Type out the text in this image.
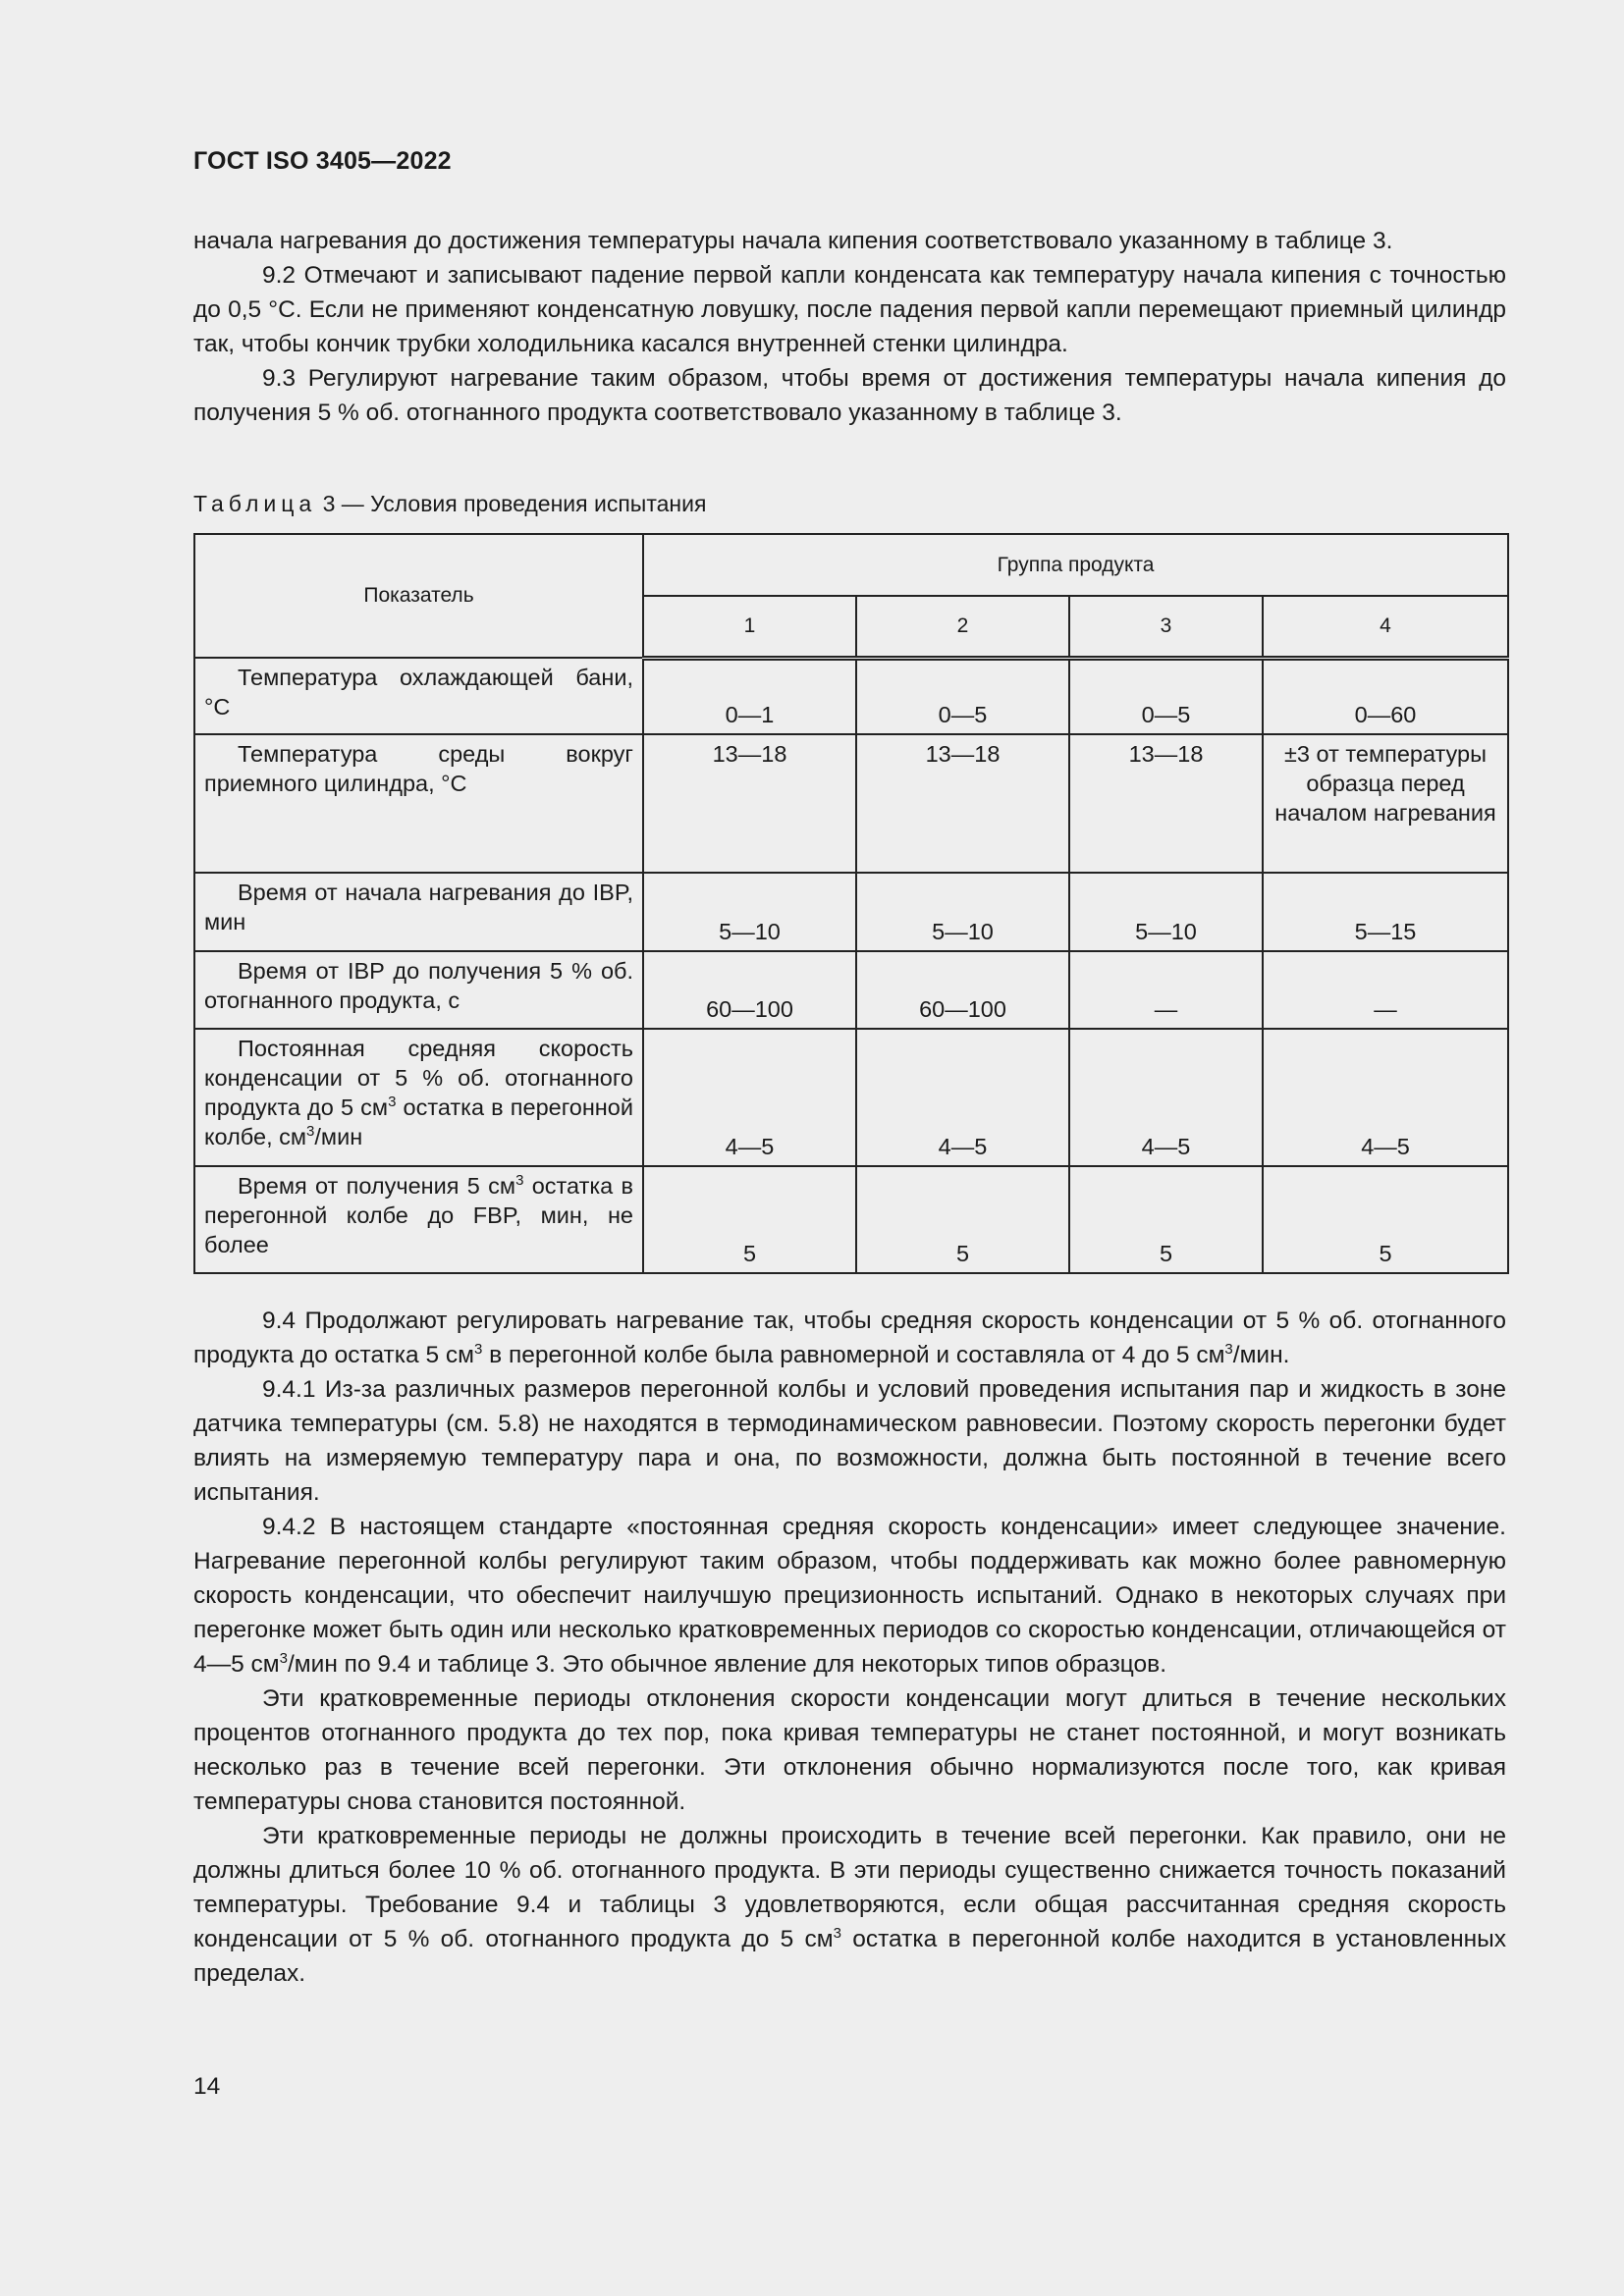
ГОСТ ISO 3405—2022

начала нагревания до достижения температуры начала кипения соответствовало указанному в таблице 3.

9.2 Отмечают и записывают падение первой капли конденсата как температуру начала кипения с точностью до 0,5 °С. Если не применяют конденсатную ловушку, после падения первой капли перемещают приемный цилиндр так, чтобы кончик трубки холодильника касался внутренней стенки цилиндра.

9.3 Регулируют нагревание таким образом, чтобы время от достижения температуры начала кипения до получения 5 % об. отогнанного продукта соответствовало указанному в таблице 3.

Таблица 3 — Условия проведения испытания
Показатель	Группа продукта			
	1	2	3	4
Температура охлаждающей бани, °С	0—1	0—5	0—5	0—60
Температура среды вокруг приемного цилиндра, °С	13—18	13—18	13—18	±3 от температуры образца перед началом нагревания
Время от начала нагревания до IBP, мин	5—10	5—10	5—10	5—15
Время от IBP до получения 5 % об. отогнанного продукта, с	60—100	60—100	—	—
Постоянная средняя скорость конденсации от 5 % об. отогнанного продукта до 5 $см^3$ остатка в перегонной колбе, $см^3$/мин	4—5	4—5	4—5	4—5
Время от получения 5 $см^3$ остатка в перегонной колбе до FBP, мин, не более	5	5	5	5

9.4 Продолжают регулировать нагревание так, чтобы средняя скорость конденсации от 5 % об. отогнанного продукта до остатка 5 $см^3$ в перегонной колбе была равномерной и составляла от 4 до 5 $см^3$/мин.

9.4.1 Из-за различных размеров перегонной колбы и условий проведения испытания пар и жидкость в зоне датчика температуры (см. 5.8) не находятся в термодинамическом равновесии. Поэтому скорость перегонки будет влиять на измеряемую температуру пара и она, по возможности, должна быть постоянной в течение всего испытания.

9.4.2 В настоящем стандарте «постоянная средняя скорость конденсации» имеет следующее значение. Нагревание перегонной колбы регулируют таким образом, чтобы поддерживать как можно более равномерную скорость конденсации, что обеспечит наилучшую прецизионность испытаний. Однако в некоторых случаях при перегонке может быть один или несколько кратковременных периодов со скоростью конденсации, отличающейся от 4—5 $см^3$/мин по 9.4 и таблице 3. Это обычное явление для некоторых типов образцов.

Эти кратковременные периоды отклонения скорости конденсации могут длиться в течение нескольких процентов отогнанного продукта до тех пор, пока кривая температуры не станет постоянной, и могут возникать несколько раз в течение всей перегонки. Эти отклонения обычно нормализуются после того, как кривая температуры снова становится постоянной.

Эти кратковременные периоды не должны происходить в течение всей перегонки. Как правило, они не должны длиться более 10 % об. отогнанного продукта. В эти периоды существенно снижается точность показаний температуры. Требование 9.4 и таблицы 3 удовлетворяются, если общая рассчитанная средняя скорость конденсации от 5 % об. отогнанного продукта до 5 $см^3$ остатка в перегонной колбе находится в установленных пределах.

14
